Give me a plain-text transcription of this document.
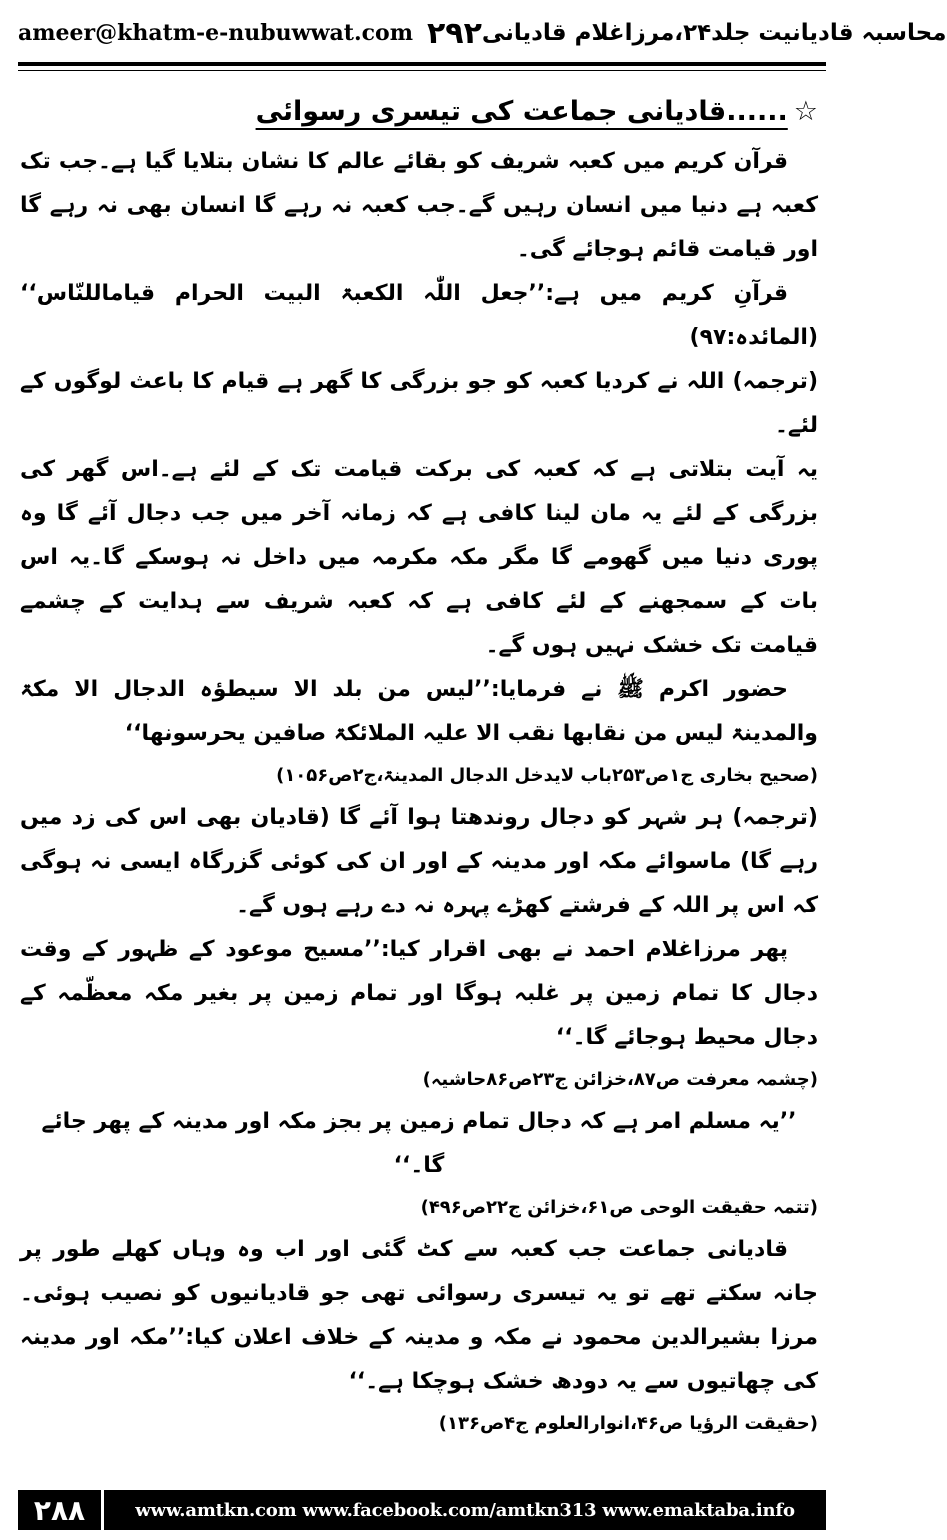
ameer@khatm-e-nubuwwat.com ۲۹۲ محاسبہ قادیانیت جلد۲۴،مرزاغلام قادیانی
☆......قادیانی جماعت کی تیسری رسوائی

قرآن کریم میں کعبہ شریف کو بقائے عالم کا نشان بتلایا گیا ہے۔جب تک کعبہ ہے دنیا میں انسان رہیں گے۔جب کعبہ نہ رہے گا انسان بھی نہ رہے گا اور قیامت قائم ہوجائے گی۔

قرآنِ کریم میں ہے:’’جعل اللّٰہ الکعبۃ البیت الحرام قیاماللنّاس‘‘ (المائدہ:۹۷)

(ترجمہ) اللہ نے کردیا کعبہ کو جو بزرگی کا گھر ہے قیام کا باعث لوگوں کے لئے۔

یہ آیت بتلاتی ہے کہ کعبہ کی برکت قیامت تک کے لئے ہے۔اس گھر کی بزرگی کے لئے یہ مان لینا کافی ہے کہ زمانہ آخر میں جب دجال آئے گا وہ پوری دنیا میں گھومے گا مگر مکہ مکرمہ میں داخل نہ ہوسکے گا۔یہ اس بات کے سمجھنے کے لئے کافی ہے کہ کعبہ شریف سے ہدایت کے چشمے قیامت تک خشک نہیں ہوں گے۔

حضور اکرم ﷺ نے فرمایا:’’لیس من بلد الا سیطؤہ الدجال الا مکۃ والمدینۃ لیس من نقابھا نقب الا علیہ الملائکۃ صافین یحرسونھا‘‘

(صحیح بخاری ج۱ص۲۵۳باب لایدخل الدجال المدینۃ،ج۲ص۱۰۵۶)

(ترجمہ) ہر شہر کو دجال روندھتا ہوا آئے گا (قادیان بھی اس کی زد میں رہے گا) ماسوائے مکہ اور مدینہ کے اور ان کی کوئی گزرگاہ ایسی نہ ہوگی کہ اس پر اللہ کے فرشتے کھڑے پہرہ نہ دے رہے ہوں گے۔

پھر مرزاغلام احمد نے بھی اقرار کیا:’’مسیح موعود کے ظہور کے وقت دجال کا تمام زمین پر غلبہ ہوگا اور تمام زمین پر بغیر مکہ معظّمہ کے دجال محیط ہوجائے گا۔‘‘

(چشمہ معرفت ص۸۷،خزائن ج۲۳ص۸۶حاشیہ)

’’یہ مسلم امر ہے کہ دجال تمام زمین پر بجز مکہ اور مدینہ کے پھر جائے گا۔‘‘

(تتمہ حقیقت الوحی ص۶۱،خزائن ج۲۲ص۴۹۶)

قادیانی جماعت جب کعبہ سے کٹ گئی اور اب وہ وہاں کھلے طور پر جانہ سکتے تھے تو یہ تیسری رسوائی تھی جو قادیانیوں کو نصیب ہوئی۔مرزا بشیرالدین محمود نے مکہ و مدینہ کے خلاف اعلان کیا:’’مکہ اور مدینہ کی چھاتیوں سے یہ دودھ خشک ہوچکا ہے۔‘‘

(حقیقت الرؤیا ص۴۶،انوارالعلوم ج۴ص۱۳۶)

۲۸۸	www.amtkn.com www.facebook.com/amtkn313 www.emaktaba.info
